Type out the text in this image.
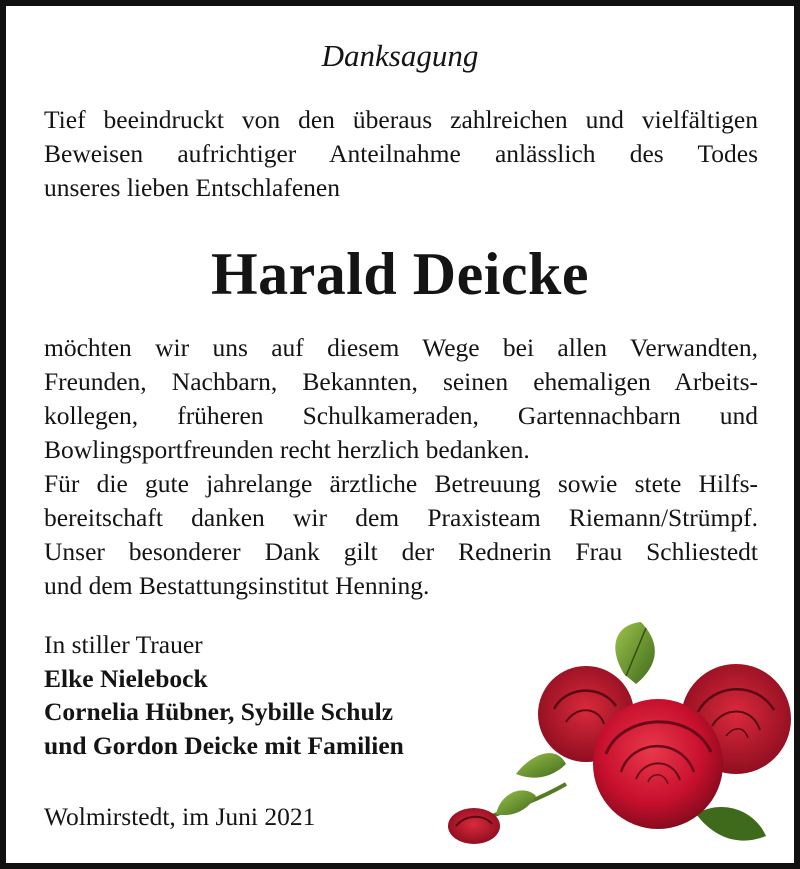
Danksagung
Tief beeindruckt von den überaus zahlreichen und vielfältigen
Beweisen aufrichtiger Anteilnahme anlässlich des Todes
unseres lieben Entschlafenen
Harald Deicke
möchten wir uns auf diesem Wege bei allen Verwandten,
Freunden, Nachbarn, Bekannten, seinen ehemaligen Arbeits-
kollegen, früheren Schulkameraden, Gartennachbarn und
Bowlingsportfreunden recht herzlich bedanken.
Für die gute jahrelange ärztliche Betreuung sowie stete Hilfs-
bereitschaft danken wir dem Praxisteam Riemann/Strümpf.
Unser besonderer Dank gilt der Rednerin Frau Schliestedt
und dem Bestattungsinstitut Henning.
In stiller Trauer
Elke Nielebock
Cornelia Hübner, Sybille Schulz
und Gordon Deicke mit Familien
Wolmirstedt, im Juni 2021
